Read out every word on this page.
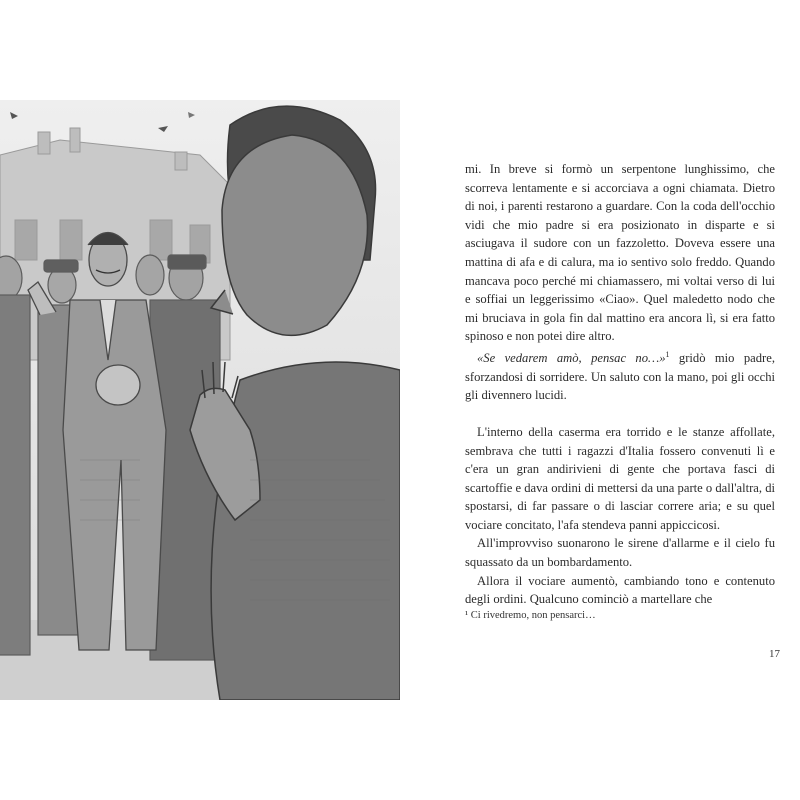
mi. In breve si formò un serpentone lunghissimo, che scorreva lentamente e si accorciava a ogni chiamata. Dietro di noi, i parenti restarono a guardare. Con la coda dell'occhio vidi che mio padre si era posizionato in disparte e si asciugava il sudore con un fazzoletto. Doveva essere una mattina di afa e di calura, ma io sentivo solo freddo. Quando mancava poco perché mi chiamassero, mi voltai verso di lui e soffiai un leggerissimo «Ciao». Quel maledetto nodo che mi bruciava in gola fin dal mattino era ancora lì, si era fatto spinoso e non potei dire altro.

«Se vedarem amò, pensac no…»$^1$ gridò mio padre, sforzandosi di sorridere. Un saluto con la mano, poi gli occhi gli divennero lucidi.

L'interno della caserma era torrido e le stanze affollate, sembrava che tutti i ragazzi d'Italia fossero convenuti lì e c'era un gran andirivieni di gente che portava fasci di scartoffie e dava ordini di mettersi da una parte o dall'altra, di spostarsi, di far passare o di lasciar correre aria; e su quel vociare concitato, l'afa stendeva panni appiccicosi.

All'improvviso suonarono le sirene d'allarme e il cielo fu squassato da un bombardamento.

Allora il vociare aumentò, cambiando tono e contenuto degli ordini. Qualcuno cominciò a martellare che

¹ Ci rivedremo, non pensarci…
17
